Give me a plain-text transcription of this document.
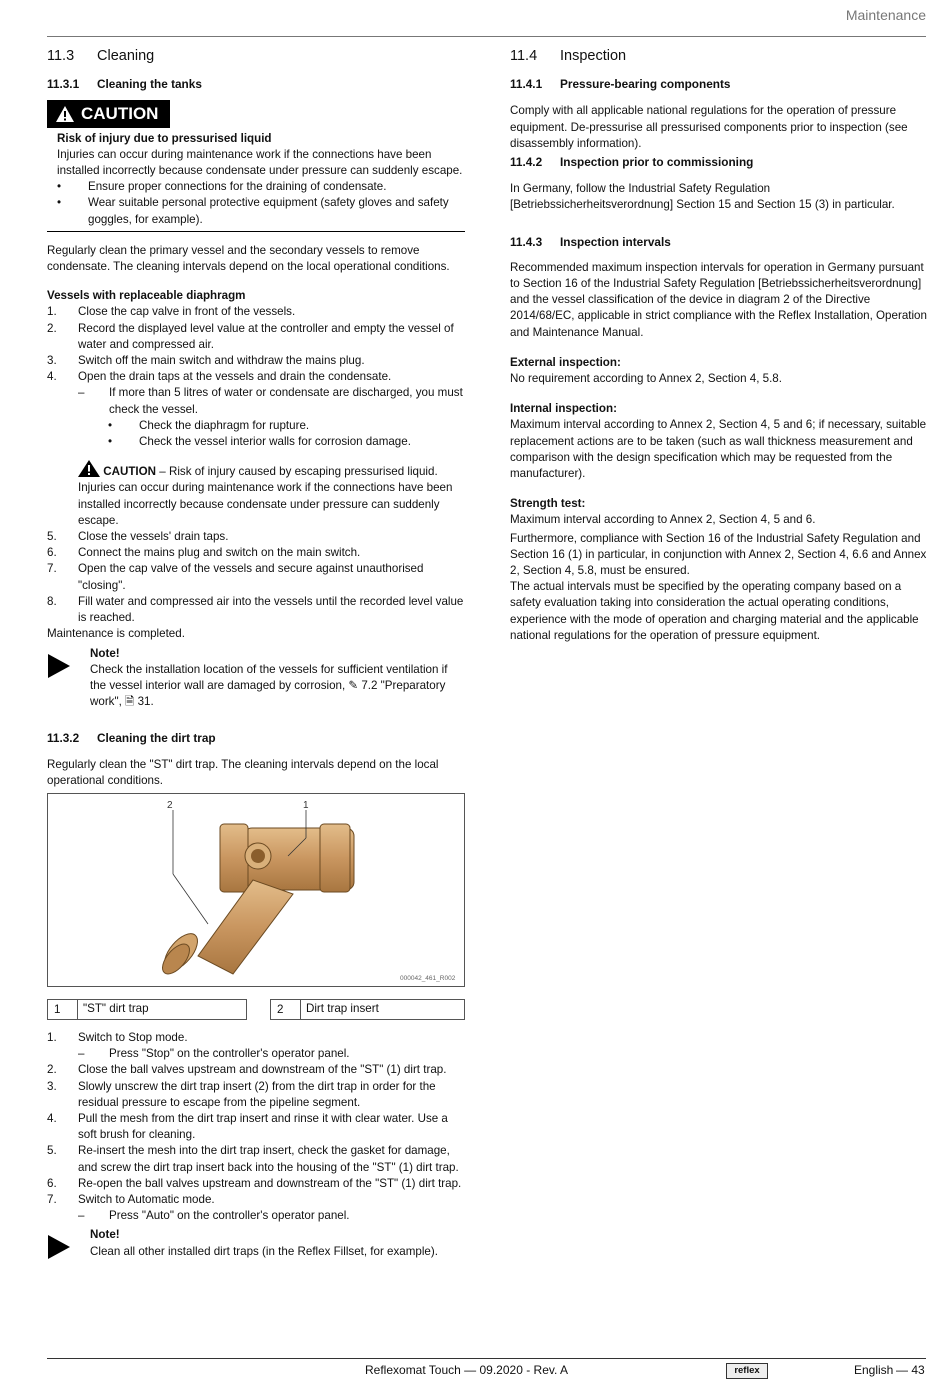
Maintenance
11.3	Cleaning
11.3.1	Cleaning the tanks
CAUTION

Risk of injury due to pressurised liquid

Injuries can occur during maintenance work if the connections have been installed incorrectly because condensate under pressure can suddenly escape.

•	Ensure proper connections for the draining of condensate.
•	Wear suitable personal protective equipment (safety gloves and safety goggles, for example).

Regularly clean the primary vessel and the secondary vessels to remove condensate. The cleaning intervals depend on the local operational conditions.

Vessels with replaceable diaphragm

1.	Close the cap valve in front of the vessels.
2.	Record the displayed level value at the controller and empty the vessel of water and compressed air.
3.	Switch off the main switch and withdraw the mains plug.
4.	Open the drain taps at the vessels and drain the condensate.
–	If more than 5 litres of water or condensate are discharged, you must check the vessel.
•	Check the diaphragm for rupture.
•	Check the vessel interior walls for corrosion damage.
CAUTION – Risk of injury caused by escaping pressurised liquid. Injuries can occur during maintenance work if the connections have been installed incorrectly because condensate under pressure can suddenly escape.
5.	Close the vessels' drain taps.
6.	Connect the mains plug and switch on the main switch.
7.	Open the cap valve of the vessels and secure against unauthorised "closing".
8.	Fill water and compressed air into the vessels until the recorded level value is reached.

Maintenance is completed.

Note!

Check the installation location of the vessels for sufficient ventilation if the vessel interior wall are damaged by corrosion, ✎ 7.2 "Preparatory work", 🗎 31.

11.3.2	Cleaning the dirt trap

Regularly clean the "ST" dirt trap. The cleaning intervals depend on the local operational conditions.

2	1
000042_461_R002
1	"ST" dirt trap	2	Dirt trap insert
1.	Switch to Stop mode.
–	Press "Stop" on the controller's operator panel.
2.	Close the ball valves upstream and downstream of the "ST" (1) dirt trap.
3.	Slowly unscrew the dirt trap insert (2) from the dirt trap in order for the residual pressure to escape from the pipeline segment.
4.	Pull the mesh from the dirt trap insert and rinse it with clear water. Use a soft brush for cleaning.
5.	Re-insert the mesh into the dirt trap insert, check the gasket for damage, and screw the dirt trap insert back into the housing of the "ST" (1) dirt trap.
6.	Re-open the ball valves upstream and downstream of the "ST" (1) dirt trap.
7.	Switch to Automatic mode.
–	Press "Auto" on the controller's operator panel.

Note!

Clean all other installed dirt traps (in the Reflex Fillset, for example).

11.4	Inspection
11.4.1	Pressure-bearing components

Comply with all applicable national regulations for the operation of pressure equipment. De-pressurise all pressurised components prior to inspection (see disassembly information).

11.4.2	Inspection prior to commissioning

In Germany, follow the Industrial Safety Regulation [Betriebssicherheitsverordnung] Section 15 and Section 15 (3) in particular.

11.4.3	Inspection intervals

Recommended maximum inspection intervals for operation in Germany pursuant to Section 16 of the Industrial Safety Regulation [Betriebssicherheitsverordnung] and the vessel classification of the device in diagram 2 of the Directive 2014/68/EC, applicable in strict compliance with the Reflex Installation, Operation and Maintenance Manual.

External inspection:

No requirement according to Annex 2, Section 4, 5.8.

Internal inspection:

Maximum interval according to Annex 2, Section 4, 5 and 6; if necessary, suitable replacement actions are to be taken (such as wall thickness measurement and comparison with the design specification which may be requested from the manufacturer).

Strength test:

Maximum interval according to Annex 2, Section 4, 5 and 6.

Furthermore, compliance with Section 16 of the Industrial Safety Regulation and Section 16 (1) in particular, in conjunction with Annex 2, Section 4, 6.6 and Annex 2, Section 4, 5.8, must be ensured.

The actual intervals must be specified by the operating company based on a safety evaluation taking into consideration the actual operating conditions, experience with the mode of operation and charging material and the applicable national regulations for the operation of pressure equipment.

Reflexomat Touch — 09.2020 - Rev. A	reflex	English — 43
